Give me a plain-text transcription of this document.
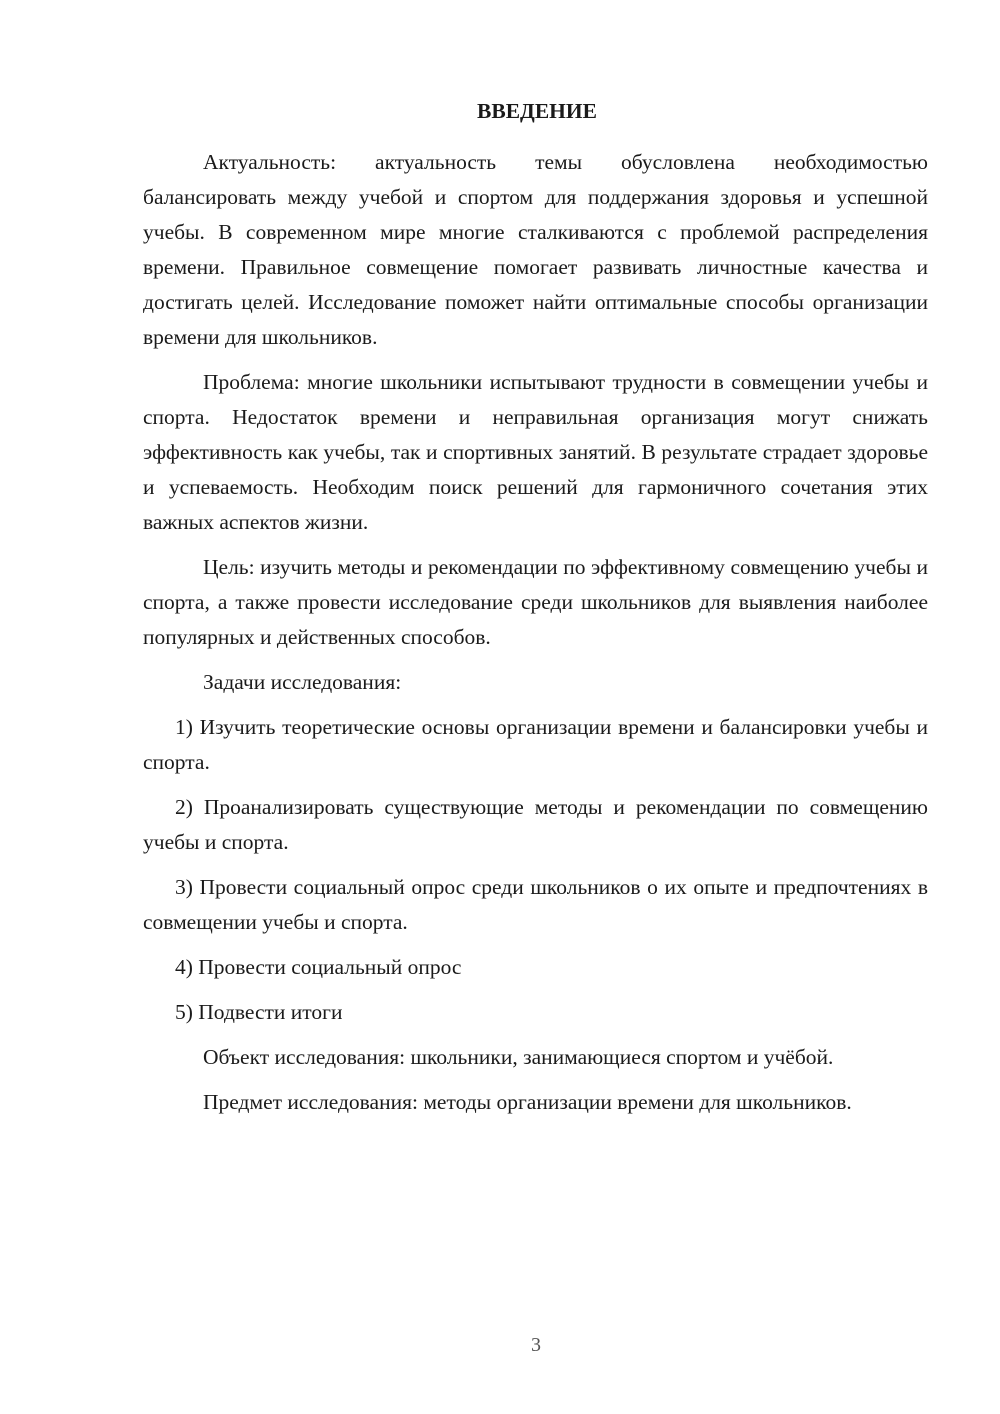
ВВЕДЕНИЕ

Актуальность: актуальность темы обусловлена необходимостью балансировать между учебой и спортом для поддержания здоровья и успешной учебы. В современном мире многие сталкиваются с проблемой распределения времени. Правильное совмещение помогает развивать личностные качества и достигать целей. Исследование поможет найти оптимальные способы организации времени для школьников.

Проблема: многие школьники испытывают трудности в совмещении учебы и спорта. Недостаток времени и неправильная организация могут снижать эффективность как учебы, так и спортивных занятий. В результате страдает здоровье и успеваемость. Необходим поиск решений для гармоничного сочетания этих важных аспектов жизни.

Цель: изучить методы и рекомендации по эффективному совмещению учебы и спорта, а также провести исследование среди школьников для выявления наиболее популярных и действенных способов.

Задачи исследования:

1) Изучить теоретические основы организации времени и балансировки учебы и спорта.

2) Проанализировать существующие методы и рекомендации по совмещению учебы и спорта.

3) Провести социальный опрос среди школьников о их опыте и предпочтениях в совмещении учебы и спорта.

4) Провести социальный опрос

5) Подвести итоги

Объект исследования: школьники, занимающиеся спортом и учёбой.

Предмет исследования: методы организации времени для школьников.

3
